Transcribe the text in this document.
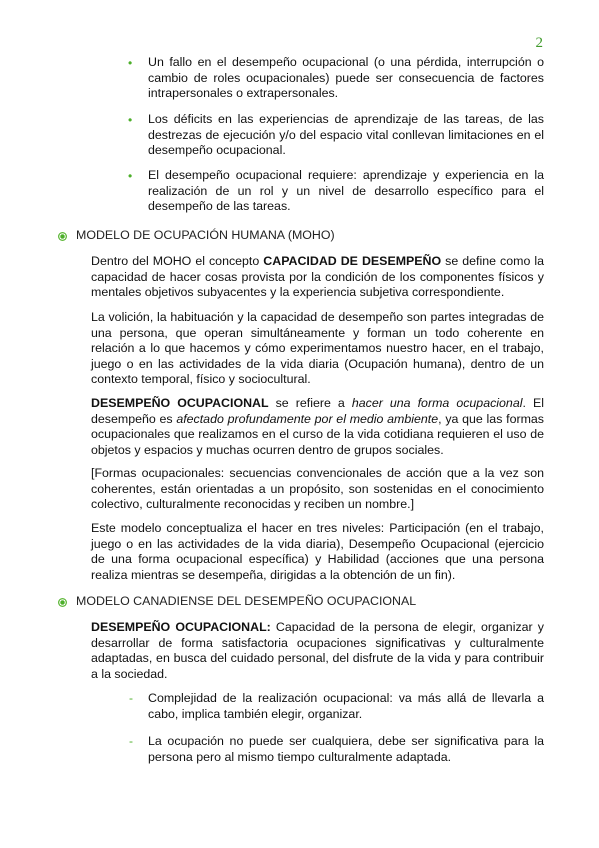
2
• Un fallo en el desempeño ocupacional (o una pérdida, interrupción o cambio de roles ocupacionales) puede ser consecuencia de factores intrapersonales o extrapersonales.
• Los déficits en las experiencias de aprendizaje de las tareas, de las destrezas de ejecución y/o del espacio vital conllevan limitaciones en el desempeño ocupacional.
• El desempeño ocupacional requiere: aprendizaje y experiencia en la realización de un rol y un nivel de desarrollo específico para el desempeño de las tareas.
MODELO DE OCUPACIÓN HUMANA (MOHO)
Dentro del MOHO el concepto CAPACIDAD DE DESEMPEÑO se define como la capacidad de hacer cosas provista por la condición de los componentes físicos y mentales objetivos subyacentes y la experiencia subjetiva correspondiente.
La volición, la habituación y la capacidad de desempeño son partes integradas de una persona, que operan simultáneamente y forman un todo coherente en relación a lo que hacemos y cómo experimentamos nuestro hacer, en el trabajo, juego o en las actividades de la vida diaria (Ocupación humana), dentro de un contexto temporal, físico y sociocultural.
DESEMPEÑO OCUPACIONAL se refiere a hacer una forma ocupacional. El desempeño es afectado profundamente por el medio ambiente, ya que las formas ocupacionales que realizamos en el curso de la vida cotidiana requieren el uso de objetos y espacios y muchas ocurren dentro de grupos sociales.
[Formas ocupacionales: secuencias convencionales de acción que a la vez son coherentes, están orientadas a un propósito, son sostenidas en el conocimiento colectivo, culturalmente reconocidas y reciben un nombre.]
Este modelo conceptualiza el hacer en tres niveles: Participación (en el trabajo, juego o en las actividades de la vida diaria), Desempeño Ocupacional (ejercicio de una forma ocupacional específica) y Habilidad (acciones que una persona realiza mientras se desempeña, dirigidas a la obtención de un fin).
MODELO CANADIENSE DEL DESEMPEÑO OCUPACIONAL
DESEMPEÑO OCUPACIONAL: Capacidad de la persona de elegir, organizar y desarrollar de forma satisfactoria ocupaciones significativas y culturalmente adaptadas, en busca del cuidado personal, del disfrute de la vida y para contribuir a la sociedad.
- Complejidad de la realización ocupacional: va más allá de llevarla a cabo, implica también elegir, organizar.
- La ocupación no puede ser cualquiera, debe ser significativa para la persona pero al mismo tiempo culturalmente adaptada.
